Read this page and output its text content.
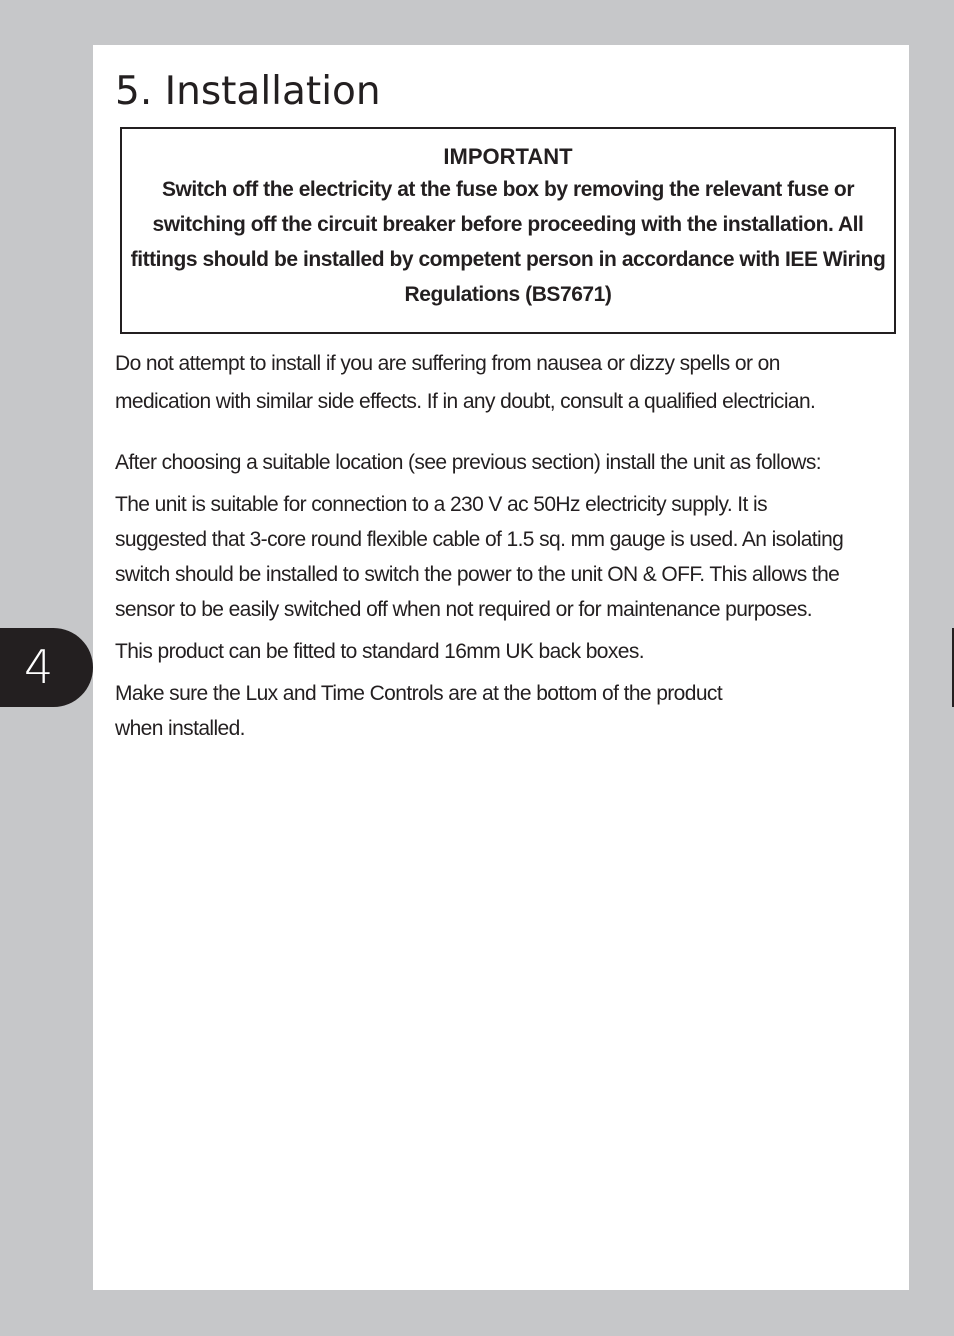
5. Installation
IMPORTANT
Switch off the electricity at the fuse box by removing the relevant fuse or switching off the circuit breaker before proceeding with the installation. All fittings should be installed by competent person in accordance with IEE Wiring Regulations (BS7671)

Do not attempt to install if you are suffering from nausea or dizzy spells or on
medication with similar side effects. If in any doubt, consult a qualified electrician.

After choosing a suitable location (see previous section) install the unit as follows:

The unit is suitable for connection to a 230 V ac 50Hz electricity supply. It is
suggested that 3-core round flexible cable of 1.5 sq. mm gauge is used. An isolating
switch should be installed to switch the power to the unit ON & OFF. This allows the
sensor to be easily switched off when not required or for maintenance purposes.

This product can be fitted to standard 16mm UK back boxes.

Make sure the Lux and Time Controls are at the bottom of the product
when installed.

4
